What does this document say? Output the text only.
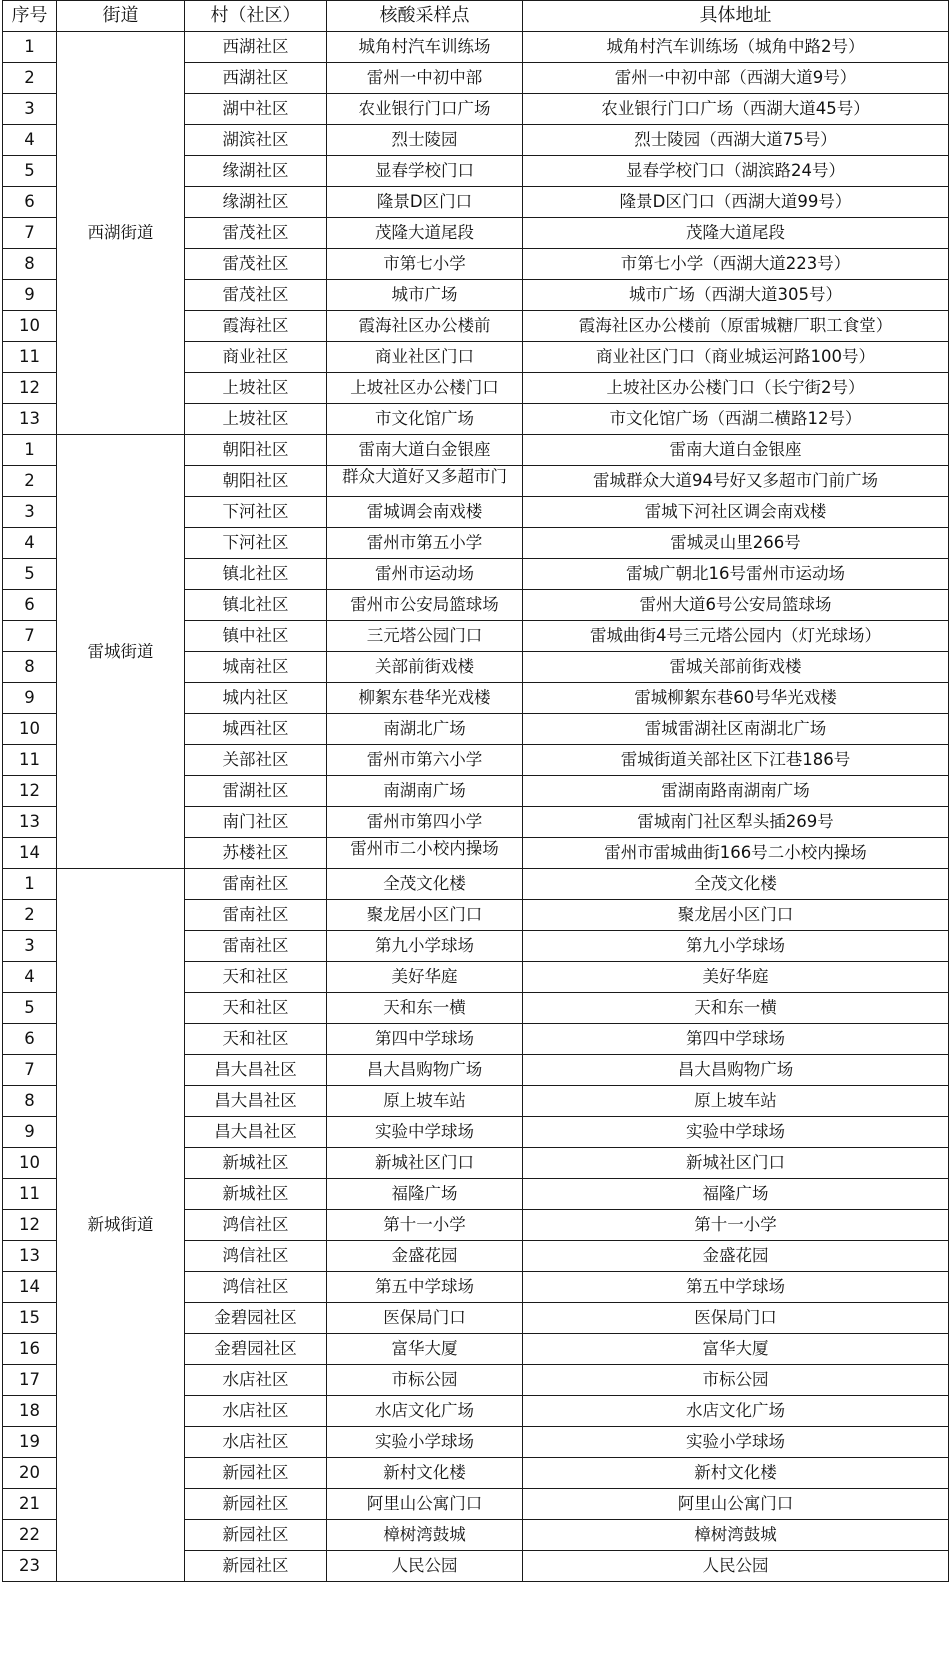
序号	街道	村（社区）	核酸采样点	具体地址
1	西湖街道	西湖社区	城角村汽车训练场	城角村汽车训练场（城角中路2号）
2		西湖社区	雷州一中初中部	雷州一中初中部（西湖大道9号）
3		湖中社区	农业银行门口广场	农业银行门口广场（西湖大道45号）
4		湖滨社区	烈士陵园	烈士陵园（西湖大道75号）
5		缘湖社区	显春学校门口	显春学校门口（湖滨路24号）
6		缘湖社区	隆景D区门口	隆景D区门口（西湖大道99号）
7		雷茂社区	茂隆大道尾段	茂隆大道尾段
8		雷茂社区	市第七小学	市第七小学（西湖大道223号）
9		雷茂社区	城市广场	城市广场（西湖大道305号）
10		霞海社区	霞海社区办公楼前	霞海社区办公楼前（原雷城糖厂职工食堂）
11		商业社区	商业社区门口	商业社区门口（商业城运河路100号）
12		上坡社区	上坡社区办公楼门口	上坡社区办公楼门口（长宁街2号）
13		上坡社区	市文化馆广场	市文化馆广场（西湖二横路12号）
1	雷城街道	朝阳社区	雷南大道白金银座	雷南大道白金银座
2		朝阳社区	群众大道好又多超市门	雷城群众大道94号好又多超市门前广场
3		下河社区	雷城调会南戏楼	雷城下河社区调会南戏楼
4		下河社区	雷州市第五小学	雷城灵山里266号
5		镇北社区	雷州市运动场	雷城广朝北16号雷州市运动场
6		镇北社区	雷州市公安局篮球场	雷州大道6号公安局篮球场
7		镇中社区	三元塔公园门口	雷城曲街4号三元塔公园内（灯光球场）
8		城南社区	关部前街戏楼	雷城关部前街戏楼
9		城内社区	柳絮东巷华光戏楼	雷城柳絮东巷60号华光戏楼
10		城西社区	南湖北广场	雷城雷湖社区南湖北广场
11		关部社区	雷州市第六小学	雷城街道关部社区下江巷186号
12		雷湖社区	南湖南广场	雷湖南路南湖南广场
13		南门社区	雷州市第四小学	雷城南门社区犁头插269号
14		苏楼社区	雷州市二小校内操场	雷州市雷城曲街166号二小校内操场
1	新城街道	雷南社区	全茂文化楼	全茂文化楼
2		雷南社区	聚龙居小区门口	聚龙居小区门口
3		雷南社区	第九小学球场	第九小学球场
4		天和社区	美好华庭	美好华庭
5		天和社区	天和东一横	天和东一横
6		天和社区	第四中学球场	第四中学球场
7		昌大昌社区	昌大昌购物广场	昌大昌购物广场
8		昌大昌社区	原上坡车站	原上坡车站
9		昌大昌社区	实验中学球场	实验中学球场
10		新城社区	新城社区门口	新城社区门口
11		新城社区	福隆广场	福隆广场
12		鸿信社区	第十一小学	第十一小学
13		鸿信社区	金盛花园	金盛花园
14		鸿信社区	第五中学球场	第五中学球场
15		金碧园社区	医保局门口	医保局门口
16		金碧园社区	富华大厦	富华大厦
17		水店社区	市标公园	市标公园
18		水店社区	水店文化广场	水店文化广场
19		水店社区	实验小学球场	实验小学球场
20		新园社区	新村文化楼	新村文化楼
21		新园社区	阿里山公寓门口	阿里山公寓门口
22		新园社区	樟树湾鼓城	樟树湾鼓城
23		新园社区	人民公园	人民公园
